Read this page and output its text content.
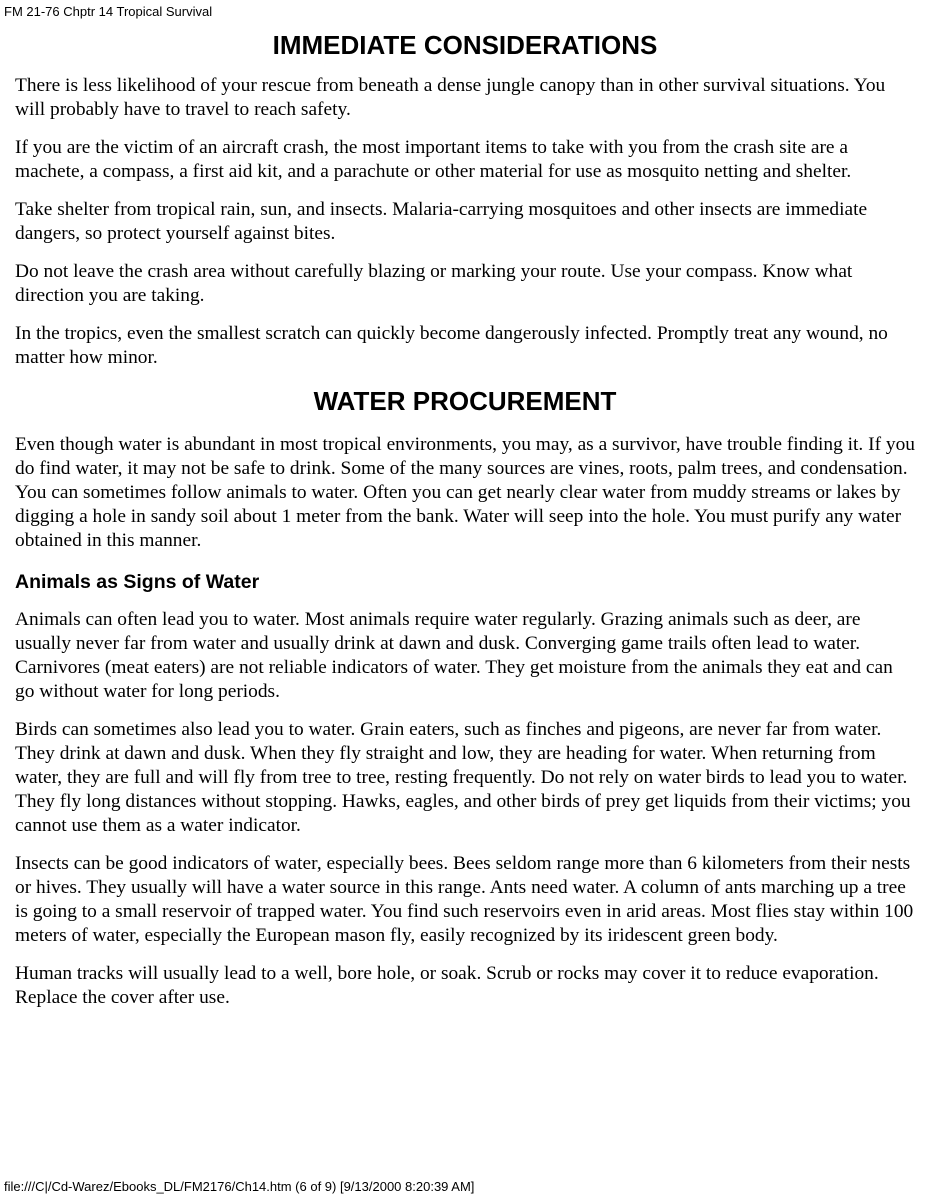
FM 21-76 Chptr 14 Tropical Survival
IMMEDIATE CONSIDERATIONS

There is less likelihood of your rescue from beneath a dense jungle canopy than in other survival situations. You will probably have to travel to reach safety.

If you are the victim of an aircraft crash, the most important items to take with you from the crash site are a machete, a compass, a first aid kit, and a parachute or other material for use as mosquito netting and shelter.

Take shelter from tropical rain, sun, and insects. Malaria-carrying mosquitoes and other insects are immediate dangers, so protect yourself against bites.

Do not leave the crash area without carefully blazing or marking your route. Use your compass. Know what direction you are taking.

In the tropics, even the smallest scratch can quickly become dangerously infected. Promptly treat any wound, no matter how minor.

WATER PROCUREMENT

Even though water is abundant in most tropical environments, you may, as a survivor, have trouble finding it. If you do find water, it may not be safe to drink. Some of the many sources are vines, roots, palm trees, and condensation. You can sometimes follow animals to water. Often you can get nearly clear water from muddy streams or lakes by digging a hole in sandy soil about 1 meter from the bank. Water will seep into the hole. You must purify any water obtained in this manner.

Animals as Signs of Water

Animals can often lead you to water. Most animals require water regularly. Grazing animals such as deer, are usually never far from water and usually drink at dawn and dusk. Converging game trails often lead to water. Carnivores (meat eaters) are not reliable indicators of water. They get moisture from the animals they eat and can go without water for long periods.

Birds can sometimes also lead you to water. Grain eaters, such as finches and pigeons, are never far from water. They drink at dawn and dusk. When they fly straight and low, they are heading for water. When returning from water, they are full and will fly from tree to tree, resting frequently. Do not rely on water birds to lead you to water. They fly long distances without stopping. Hawks, eagles, and other birds of prey get liquids from their victims; you cannot use them as a water indicator.

Insects can be good indicators of water, especially bees. Bees seldom range more than 6 kilometers from their nests or hives. They usually will have a water source in this range. Ants need water. A column of ants marching up a tree is going to a small reservoir of trapped water. You find such reservoirs even in arid areas. Most flies stay within 100 meters of water, especially the European mason fly, easily recognized by its iridescent green body.

Human tracks will usually lead to a well, bore hole, or soak. Scrub or rocks may cover it to reduce evaporation. Replace the cover after use.

file:///C|/Cd-Warez/Ebooks_DL/FM2176/Ch14.htm (6 of 9) [9/13/2000 8:20:39 AM]
